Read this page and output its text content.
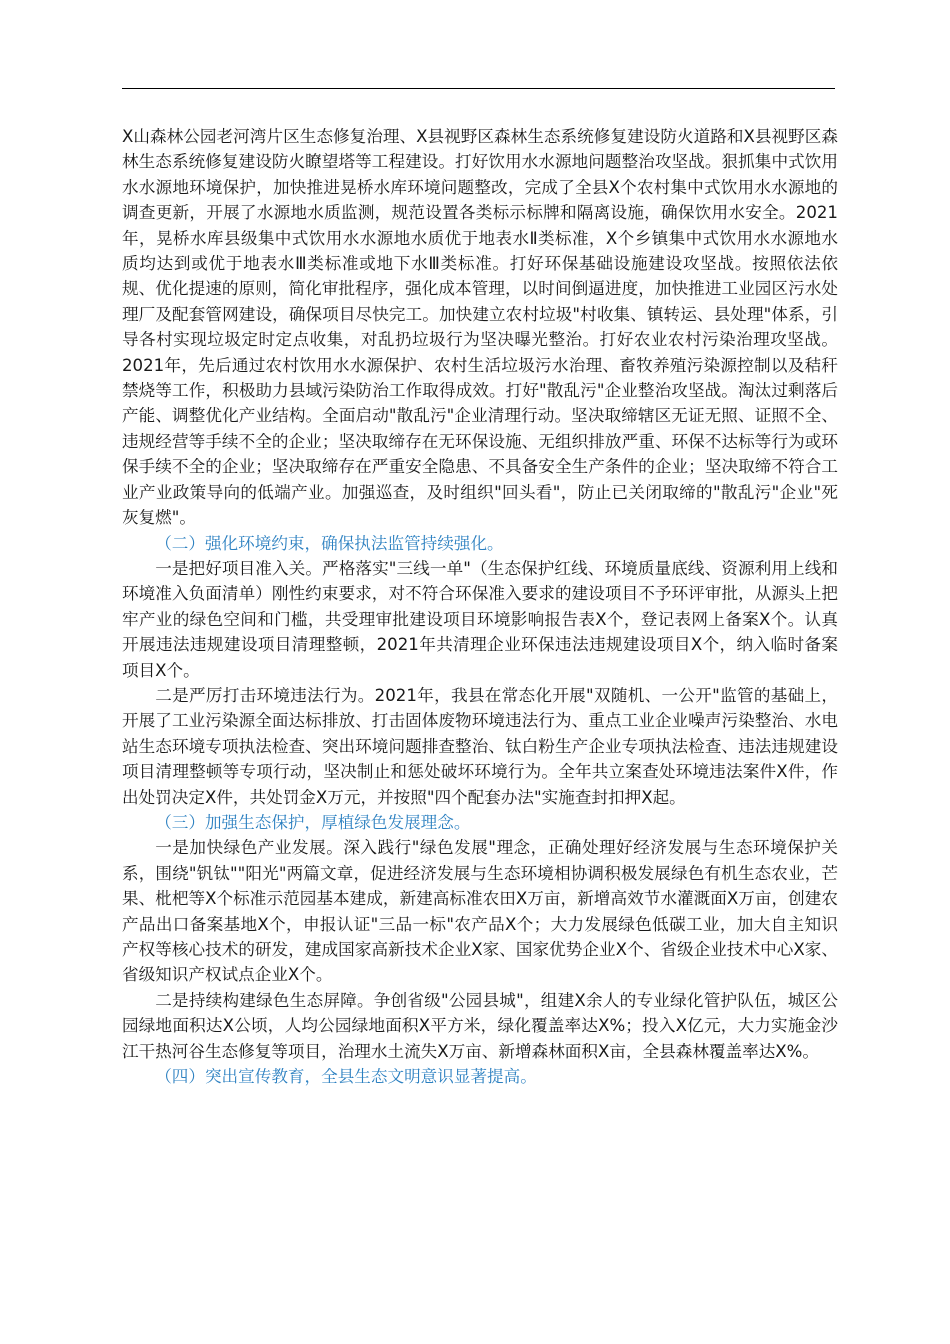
X山森林公园老河湾片区生态修复治理、X县视野区森林生态系统修复建设防火道路和X县视野区森林生态系统修复建设防火瞭望塔等工程建设。打好饮用水水源地问题整治攻坚战。狠抓集中式饮用水水源地环境保护，加快推进晃桥水库环境问题整改，完成了全县X个农村集中式饮用水水源地的调查更新，开展了水源地水质监测，规范设置各类标示标牌和隔离设施，确保饮用水安全。2021年，晃桥水库县级集中式饮用水水源地水质优于地表水Ⅱ类标准，X个乡镇集中式饮用水水源地水质均达到或优于地表水Ⅲ类标准或地下水Ⅲ类标准。打好环保基础设施建设攻坚战。按照依法依规、优化提速的原则，简化审批程序，强化成本管理，以时间倒逼进度，加快推进工业园区污水处理厂及配套管网建设，确保项目尽快完工。加快建立农村垃圾"村收集、镇转运、县处理"体系，引导各村实现垃圾定时定点收集，对乱扔垃圾行为坚决曝光整治。打好农业农村污染治理攻坚战。2021年，先后通过农村饮用水水源保护、农村生活垃圾污水治理、畜牧养殖污染源控制以及秸秆禁烧等工作，积极助力县域污染防治工作取得成效。打好"散乱污"企业整治攻坚战。淘汰过剩落后产能、调整优化产业结构。全面启动"散乱污"企业清理行动。坚决取缔辖区无证无照、证照不全、违规经营等手续不全的企业；坚决取缔存在无环保设施、无组织排放严重、环保不达标等行为或环保手续不全的企业；坚决取缔存在严重安全隐患、不具备安全生产条件的企业；坚决取缔不符合工业产业政策导向的低端产业。加强巡查，及时组织"回头看"，防止已关闭取缔的"散乱污"企业"死灰复燃"。

（二）强化环境约束，确保执法监管持续强化。

一是把好项目准入关。严格落实"三线一单"（生态保护红线、环境质量底线、资源利用上线和环境准入负面清单）刚性约束要求，对不符合环保准入要求的建设项目不予环评审批，从源头上把牢产业的绿色空间和门槛，共受理审批建设项目环境影响报告表X个，登记表网上备案X个。认真开展违法违规建设项目清理整顿，2021年共清理企业环保违法违规建设项目X个，纳入临时备案项目X个。

二是严厉打击环境违法行为。2021年，我县在常态化开展"双随机、一公开"监管的基础上，开展了工业污染源全面达标排放、打击固体废物环境违法行为、重点工业企业噪声污染整治、水电站生态环境专项执法检查、突出环境问题排查整治、钛白粉生产企业专项执法检查、违法违规建设项目清理整顿等专项行动，坚决制止和惩处破坏环境行为。全年共立案查处环境违法案件X件，作出处罚决定X件，共处罚金X万元，并按照"四个配套办法"实施查封扣押X起。

（三）加强生态保护，厚植绿色发展理念。

一是加快绿色产业发展。深入践行"绿色发展"理念，正确处理好经济发展与生态环境保护关系，围绕"钒钛""阳光"两篇文章，促进经济发展与生态环境相协调积极发展绿色有机生态农业，芒果、枇杷等X个标准示范园基本建成，新建高标准农田X万亩，新增高效节水灌溉面X万亩，创建农产品出口备案基地X个，申报认证"三品一标"农产品X个；大力发展绿色低碳工业，加大自主知识产权等核心技术的研发，建成国家高新技术企业X家、国家优势企业X个、省级企业技术中心X家、省级知识产权试点企业X个。

二是持续构建绿色生态屏障。争创省级"公园县城"，组建X余人的专业绿化管护队伍，城区公园绿地面积达X公顷，人均公园绿地面积X平方米，绿化覆盖率达X%；投入X亿元，大力实施金沙江干热河谷生态修复等项目，治理水土流失X万亩、新增森林面积X亩，全县森林覆盖率达X%。

（四）突出宣传教育，全县生态文明意识显著提高。
